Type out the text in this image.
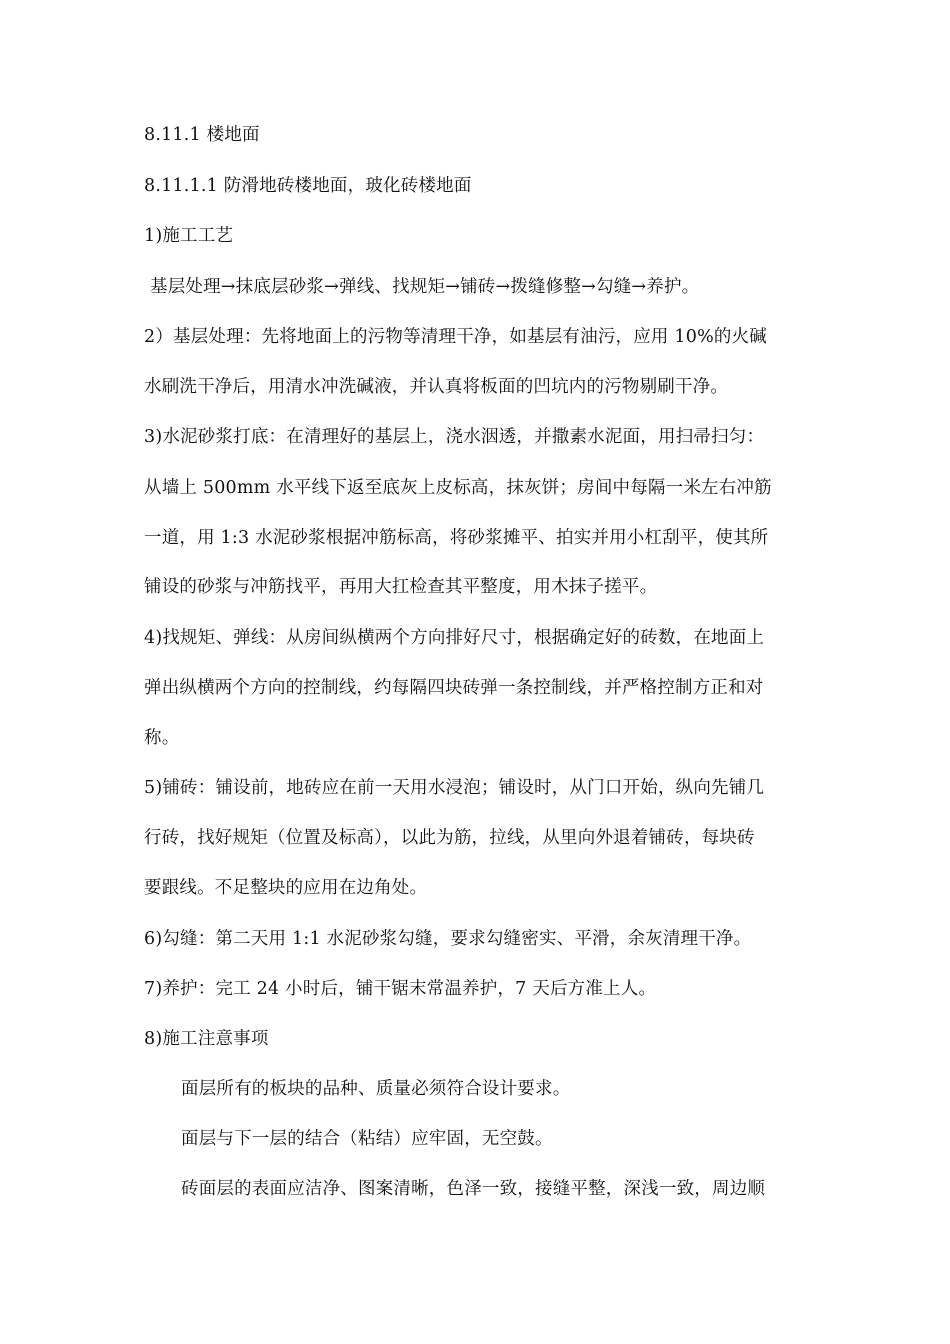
8.11.1 楼地面
8.11.1.1 防滑地砖楼地面，玻化砖楼地面
1)施工工艺
基层处理→抹底层砂浆→弹线、找规矩→铺砖→拨缝修整→勾缝→养护。
2）基层处理：先将地面上的污物等清理干净，如基层有油污，应用 10%的火碱
水刷洗干净后，用清水冲洗碱液，并认真将板面的凹坑内的污物剔刷干净。
3)水泥砂浆打底：在清理好的基层上，浇水洇透，并撒素水泥面，用扫帚扫匀：
从墙上 500mm 水平线下返至底灰上皮标高，抹灰饼；房间中每隔一米左右冲筋
一道，用 1:3 水泥砂浆根据冲筋标高，将砂浆摊平、拍实并用小杠刮平，使其所
铺设的砂浆与冲筋找平，再用大扛检查其平整度，用木抹子搓平。
4)找规矩、弹线：从房间纵横两个方向排好尺寸，根据确定好的砖数，在地面上
弹出纵横两个方向的控制线，约每隔四块砖弹一条控制线，并严格控制方正和对
称。
5)铺砖：铺设前，地砖应在前一天用水浸泡；铺设时，从门口开始，纵向先铺几
行砖，找好规矩（位置及标高），以此为筋，拉线，从里向外退着铺砖，每块砖
要跟线。不足整块的应用在边角处。
6)勾缝：第二天用 1:1 水泥砂浆勾缝，要求勾缝密实、平滑，余灰清理干净。
7)养护：完工 24 小时后，铺干锯末常温养护，7 天后方准上人。
8)施工注意事项
面层所有的板块的品种、质量必须符合设计要求。
面层与下一层的结合（粘结）应牢固，无空鼓。
砖面层的表面应洁净、图案清晰，色泽一致，接缝平整，深浅一致，周边顺
